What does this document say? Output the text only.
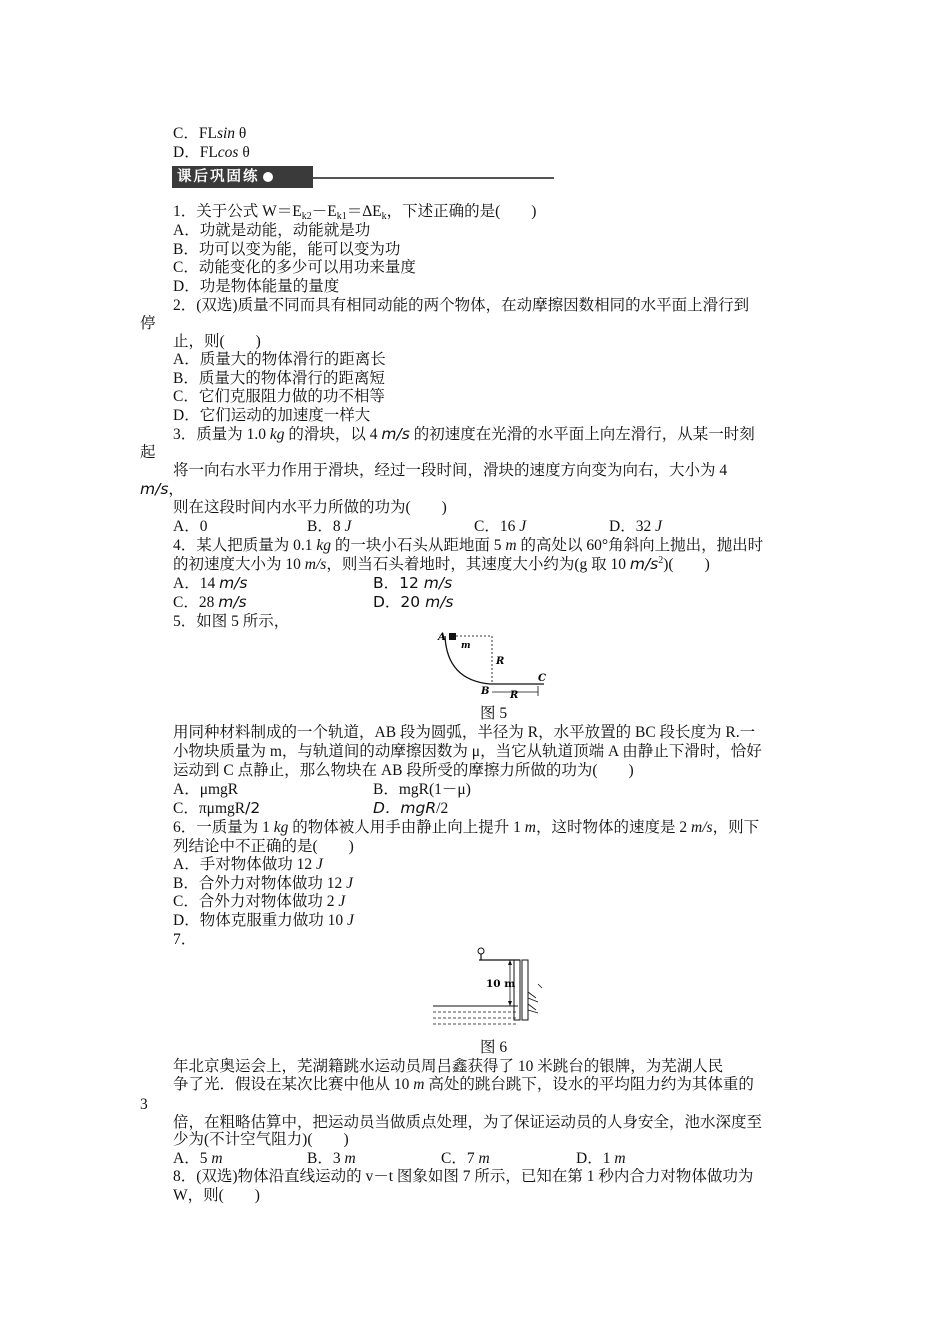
C．FLsin θ
D．FLcos θ
课后巩固练
1．关于公式 $W=E_{k2}-E_{k1}=\Delta E_k$，下述正确的是(　　)
A．功就是动能，动能就是功
B．功可以变为能，能可以变为功
C．动能变化的多少可以用功来量度
D．功是物体能量的量度
2．(双选)质量不同而具有相同动能的两个物体，在动摩擦因数相同的水平面上滑行到
停
止，则(　　)
A．质量大的物体滑行的距离长
B．质量大的物体滑行的距离短
C．它们克服阻力做的功不相等
D．它们运动的加速度一样大
3．质量为 1.0 kg 的滑块，以 4 m/s 的初速度在光滑的水平面上向左滑行，从某一时刻
起
将一向右水平力作用于滑块，经过一段时间，滑块的速度方向变为向右，大小为 4
m/s，
则在这段时间内水平力所做的功为(　　)
A．0	B．8 J	C．16 J	D．32 J
4．某人把质量为 0.1 kg 的一块小石头从距地面 5 m 的高处以 60°角斜向上抛出，抛出时
的初速度大小为 10 m/s，则当石头着地时，其速度大小约为(g 取 10 $m/s^2$)(　　)
A．14 m/s	B．12 m/s
C．28 m/s	D．20 m/s
5．如图 5 所示，
A
m
R
B R
C
图 5
用同种材料制成的一个轨道，AB 段为圆弧，半径为 R，水平放置的 BC 段长度为 R.一
小物块质量为 m，与轨道间的动摩擦因数为 μ，当它从轨道顶端 A 由静止下滑时，恰好
运动到 C 点静止，那么物块在 AB 段所受的摩擦力所做的功为(　　)
A．μmgR	B．mgR(1－μ)
C．πμmgR/2	D．mgR/2
6．一质量为 1 kg 的物体被人用手由静止向上提升 1 m，这时物体的速度是 2 m/s，则下
列结论中不正确的是(　　)
A．手对物体做功 12 J
B．合外力对物体做功 12 J
C．合外力对物体做功 2 J
D．物体克服重力做功 10 J
7．
10 m
图 6
年北京奥运会上，芜湖籍跳水运动员周吕鑫获得了 10 米跳台的银牌，为芜湖人民
争了光．假设在某次比赛中他从 10 m 高处的跳台跳下，设水的平均阻力约为其体重的
3
倍，在粗略估算中，把运动员当做质点处理，为了保证运动员的人身安全，池水深度至
少为(不计空气阻力)(　　)
A．5 m	B．3 m	C．7 m	D．1 m
8．(双选)物体沿直线运动的 v－t 图象如图 7 所示，已知在第 1 秒内合力对物体做功为
W，则(　　)
